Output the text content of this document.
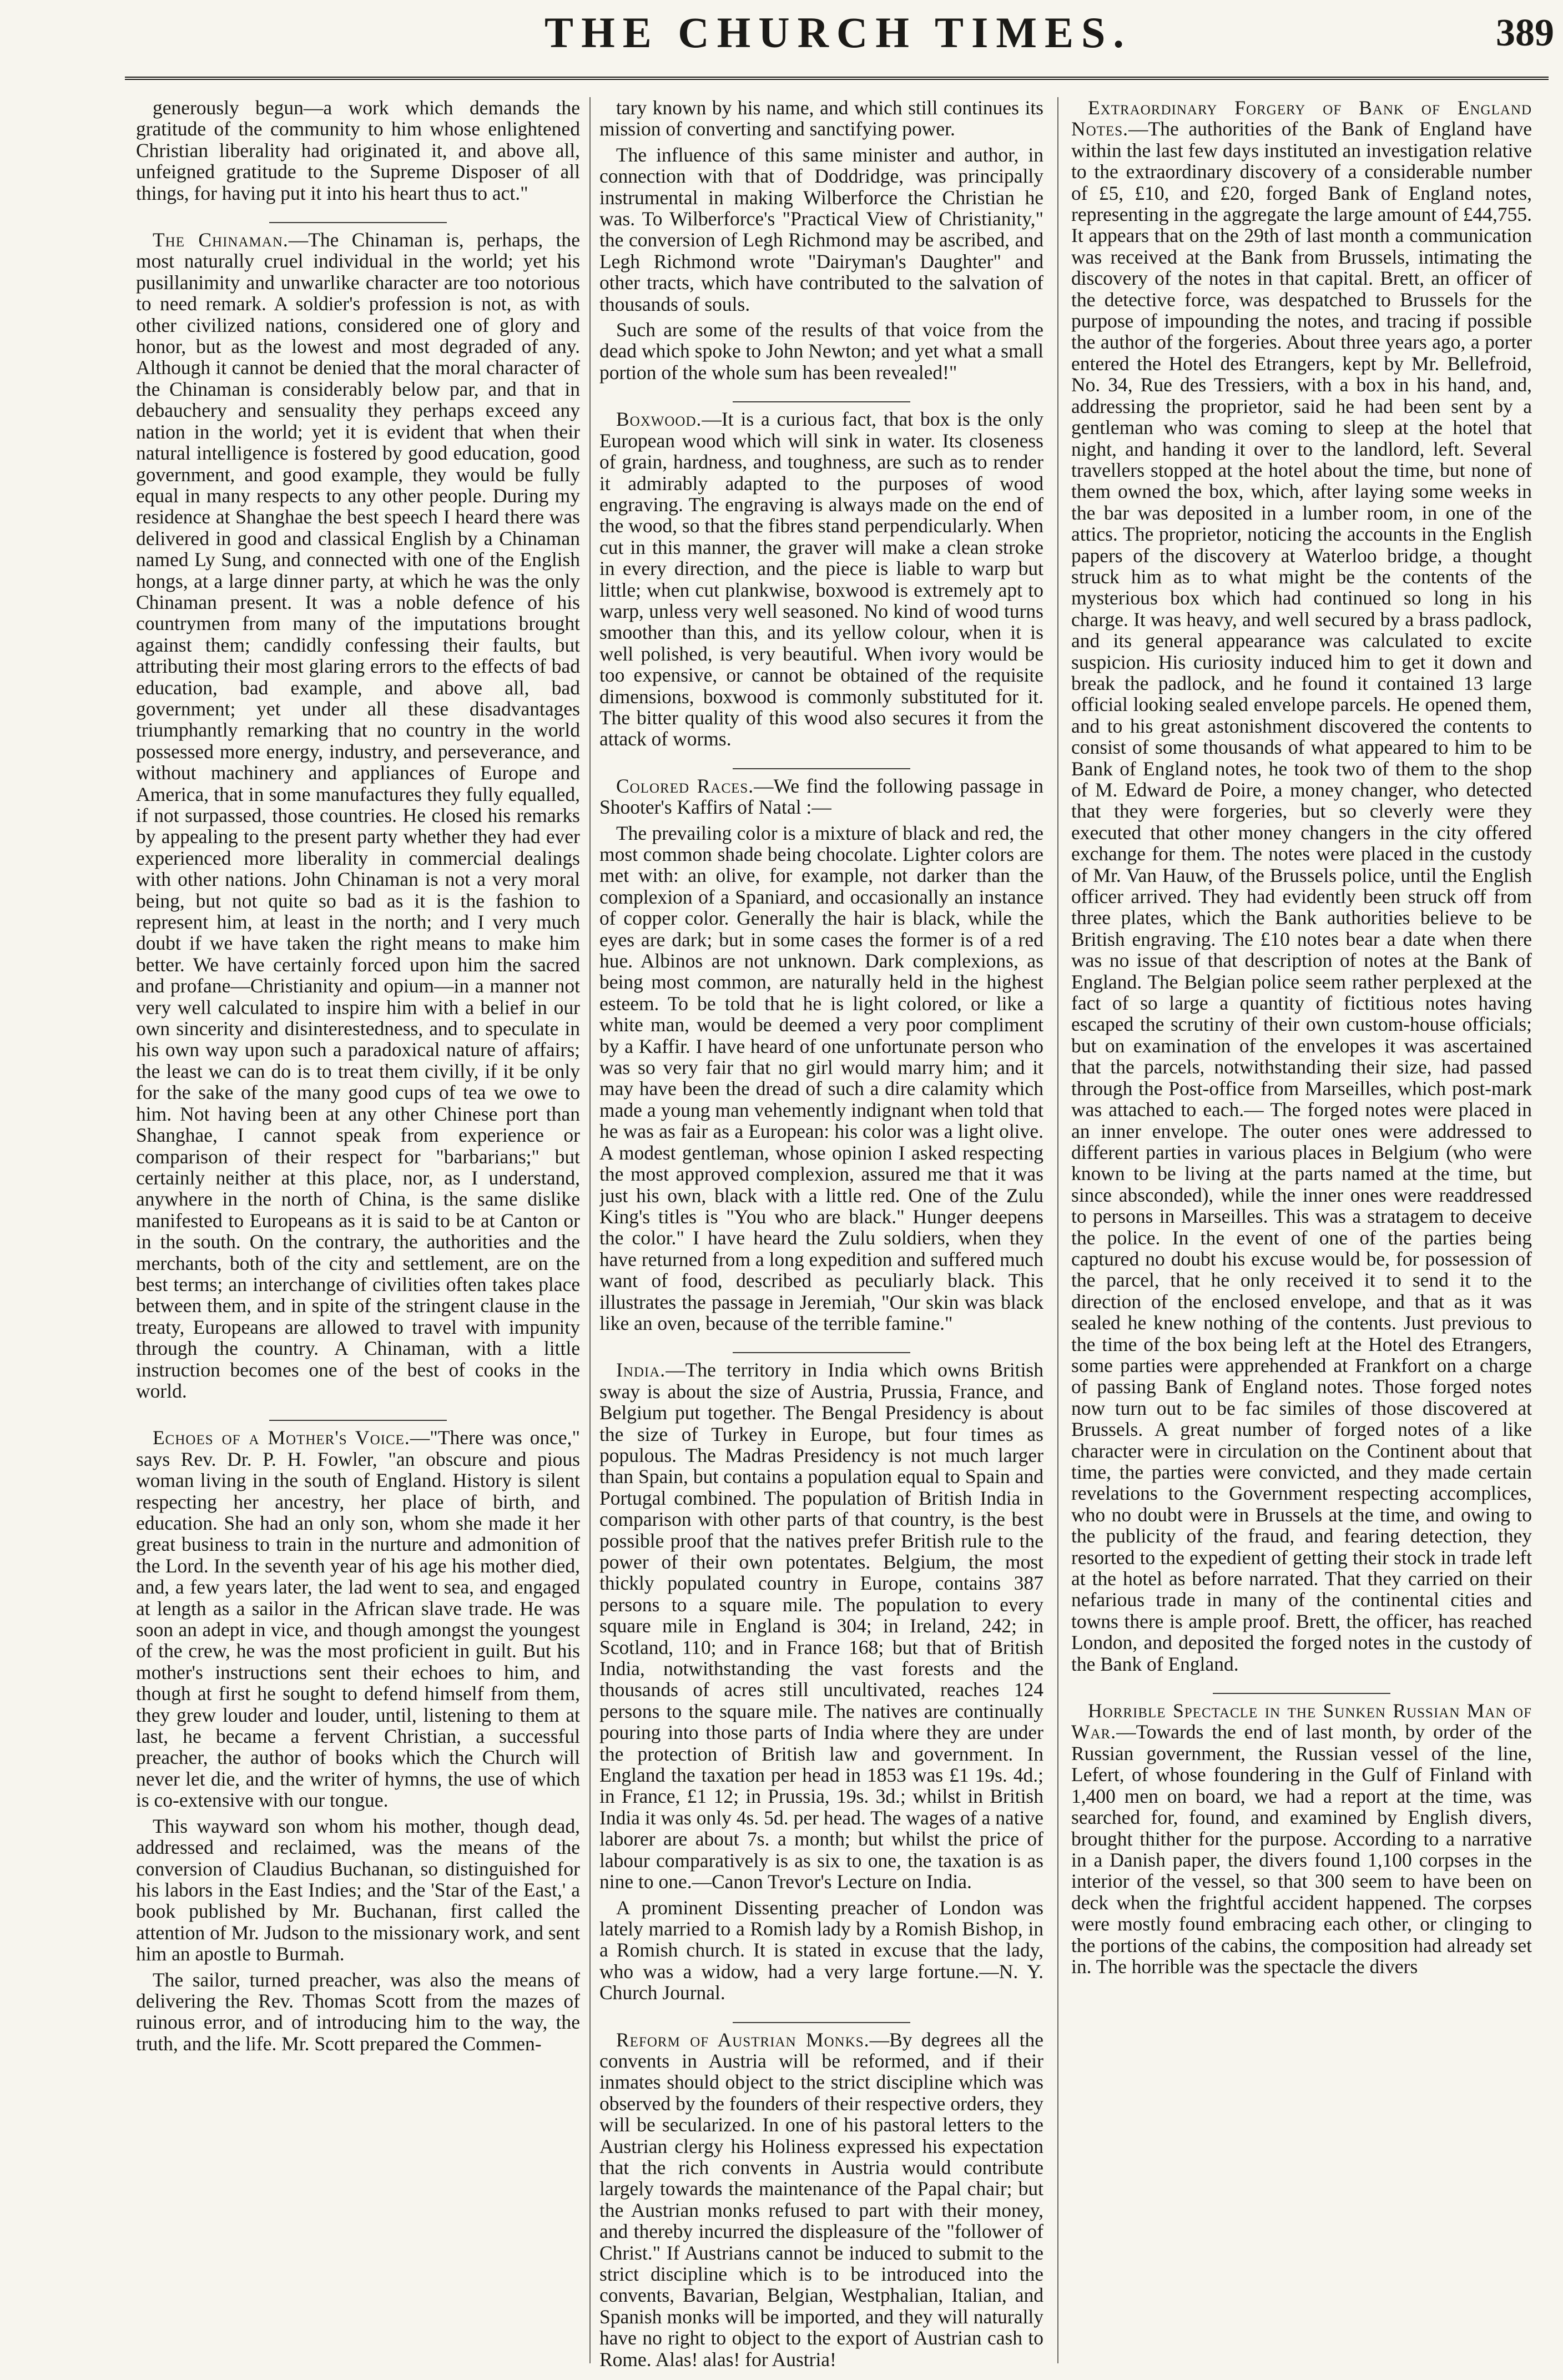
THE CHURCH TIMES.	389

generously begun—a work which demands the gratitude of the community to him whose enlightened Christian liberality had originated it, and above all, unfeigned gratitude to the Supreme Disposer of all things, for having put it into his heart thus to act."

The Chinaman.—The Chinaman is, perhaps, the most naturally cruel individual in the world; yet his pusillanimity and unwarlike character are too notorious to need remark. A soldier's profession is not, as with other civilized nations, considered one of glory and honor, but as the lowest and most degraded of any. Although it cannot be denied that the moral character of the Chinaman is considerably below par, and that in debauchery and sensuality they perhaps exceed any nation in the world; yet it is evident that when their natural intelligence is fostered by good education, good government, and good example, they would be fully equal in many respects to any other people. During my residence at Shanghae the best speech I heard there was delivered in good and classical English by a Chinaman named Ly Sung, and connected with one of the English hongs, at a large dinner party, at which he was the only Chinaman present. It was a noble defence of his countrymen from many of the imputations brought against them; candidly confessing their faults, but attributing their most glaring errors to the effects of bad education, bad example, and above all, bad government; yet under all these disadvantages triumphantly remarking that no country in the world possessed more energy, industry, and perseverance, and without machinery and appliances of Europe and America, that in some manufactures they fully equalled, if not surpassed, those countries. He closed his remarks by appealing to the present party whether they had ever experienced more liberality in commercial dealings with other nations. John Chinaman is not a very moral being, but not quite so bad as it is the fashion to represent him, at least in the north; and I very much doubt if we have taken the right means to make him better. We have certainly forced upon him the sacred and profane—Christianity and opium—in a manner not very well calculated to inspire him with a belief in our own sincerity and disinterestedness, and to speculate in his own way upon such a paradoxical nature of affairs; the least we can do is to treat them civilly, if it be only for the sake of the many good cups of tea we owe to him. Not having been at any other Chinese port than Shanghae, I cannot speak from experience or comparison of their respect for "barbarians;" but certainly neither at this place, nor, as I understand, anywhere in the north of China, is the same dislike manifested to Europeans as it is said to be at Canton or in the south. On the contrary, the authorities and the merchants, both of the city and settlement, are on the best terms; an interchange of civilities often takes place between them, and in spite of the stringent clause in the treaty, Europeans are allowed to travel with impunity through the country. A Chinaman, with a little instruction becomes one of the best of cooks in the world.

Echoes of a Mother's Voice.—"There was once," says Rev. Dr. P. H. Fowler, "an obscure and pious woman living in the south of England. History is silent respecting her ancestry, her place of birth, and education. She had an only son, whom she made it her great business to train in the nurture and admonition of the Lord. In the seventh year of his age his mother died, and, a few years later, the lad went to sea, and engaged at length as a sailor in the African slave trade. He was soon an adept in vice, and though amongst the youngest of the crew, he was the most proficient in guilt. But his mother's instructions sent their echoes to him, and though at first he sought to defend himself from them, they grew louder and louder, until, listening to them at last, he became a fervent Christian, a successful preacher, the author of books which the Church will never let die, and the writer of hymns, the use of which is co-extensive with our tongue.

This wayward son whom his mother, though dead, addressed and reclaimed, was the means of the conversion of Claudius Buchanan, so distinguished for his labors in the East Indies; and the 'Star of the East,' a book published by Mr. Buchanan, first called the attention of Mr. Judson to the missionary work, and sent him an apostle to Burmah.

The sailor, turned preacher, was also the means of delivering the Rev. Thomas Scott from the mazes of ruinous error, and of introducing him to the way, the truth, and the life. Mr. Scott prepared the Commen-

tary known by his name, and which still continues its mission of converting and sanctifying power.

The influence of this same minister and author, in connection with that of Doddridge, was principally instrumental in making Wilberforce the Christian he was. To Wilberforce's "Practical View of Christianity," the conversion of Legh Richmond may be ascribed, and Legh Richmond wrote "Dairyman's Daughter" and other tracts, which have contributed to the salvation of thousands of souls.

Such are some of the results of that voice from the dead which spoke to John Newton; and yet what a small portion of the whole sum has been revealed!"

Boxwood.—It is a curious fact, that box is the only European wood which will sink in water. Its closeness of grain, hardness, and toughness, are such as to render it admirably adapted to the purposes of wood engraving. The engraving is always made on the end of the wood, so that the fibres stand perpendicularly. When cut in this manner, the graver will make a clean stroke in every direction, and the piece is liable to warp but little; when cut plankwise, boxwood is extremely apt to warp, unless very well seasoned. No kind of wood turns smoother than this, and its yellow colour, when it is well polished, is very beautiful. When ivory would be too expensive, or cannot be obtained of the requisite dimensions, boxwood is commonly substituted for it. The bitter quality of this wood also secures it from the attack of worms.

Colored Races.—We find the following passage in Shooter's Kaffirs of Natal :—

The prevailing color is a mixture of black and red, the most common shade being chocolate. Lighter colors are met with: an olive, for example, not darker than the complexion of a Spaniard, and occasionally an instance of copper color. Generally the hair is black, while the eyes are dark; but in some cases the former is of a red hue. Albinos are not unknown. Dark complexions, as being most common, are naturally held in the highest esteem. To be told that he is light colored, or like a white man, would be deemed a very poor compliment by a Kaffir. I have heard of one unfortunate person who was so very fair that no girl would marry him; and it may have been the dread of such a dire calamity which made a young man vehemently indignant when told that he was as fair as a European: his color was a light olive. A modest gentleman, whose opinion I asked respecting the most approved complexion, assured me that it was just his own, black with a little red. One of the Zulu King's titles is "You who are black." Hunger deepens the color." I have heard the Zulu soldiers, when they have returned from a long expedition and suffered much want of food, described as peculiarly black. This illustrates the passage in Jeremiah, "Our skin was black like an oven, because of the terrible famine."

India.—The territory in India which owns British sway is about the size of Austria, Prussia, France, and Belgium put together. The Bengal Presidency is about the size of Turkey in Europe, but four times as populous. The Madras Presidency is not much larger than Spain, but contains a population equal to Spain and Portugal combined. The population of British India in comparison with other parts of that country, is the best possible proof that the natives prefer British rule to the power of their own potentates. Belgium, the most thickly populated country in Europe, contains 387 persons to a square mile. The population to every square mile in England is 304; in Ireland, 242; in Scotland, 110; and in France 168; but that of British India, notwithstanding the vast forests and the thousands of acres still uncultivated, reaches 124 persons to the square mile. The natives are continually pouring into those parts of India where they are under the protection of British law and government. In England the taxation per head in 1853 was £1 19s. 4d.; in France, £1 12; in Prussia, 19s. 3d.; whilst in British India it was only 4s. 5d. per head. The wages of a native laborer are about 7s. a month; but whilst the price of labour comparatively is as six to one, the taxation is as nine to one.—Canon Trevor's Lecture on India.

A prominent Dissenting preacher of London was lately married to a Romish lady by a Romish Bishop, in a Romish church. It is stated in excuse that the lady, who was a widow, had a very large fortune.—N. Y. Church Journal.

Reform of Austrian Monks.—By degrees all the convents in Austria will be reformed, and if their inmates should object to the strict discipline which was observed by the founders of their respective orders, they will be secularized. In one of his pastoral letters to the Austrian clergy his Holiness expressed his expectation that the rich convents in Austria would contribute largely towards the maintenance of the Papal chair; but the Austrian monks refused to part with their money, and thereby incurred the displeasure of the "follower of Christ." If Austrians cannot be induced to submit to the strict discipline which is to be introduced into the convents, Bavarian, Belgian, Westphalian, Italian, and Spanish monks will be imported, and they will naturally have no right to object to the export of Austrian cash to Rome. Alas! alas! for Austria!

Extraordinary Forgery of Bank of England Notes.—The authorities of the Bank of England have within the last few days instituted an investigation relative to the extraordinary discovery of a considerable number of £5, £10, and £20, forged Bank of England notes, representing in the aggregate the large amount of £44,755. It appears that on the 29th of last month a communication was received at the Bank from Brussels, intimating the discovery of the notes in that capital. Brett, an officer of the detective force, was despatched to Brussels for the purpose of impounding the notes, and tracing if possible the author of the forgeries. About three years ago, a porter entered the Hotel des Etrangers, kept by Mr. Bellefroid, No. 34, Rue des Tressiers, with a box in his hand, and, addressing the proprietor, said he had been sent by a gentleman who was coming to sleep at the hotel that night, and handing it over to the landlord, left. Several travellers stopped at the hotel about the time, but none of them owned the box, which, after laying some weeks in the bar was deposited in a lumber room, in one of the attics. The proprietor, noticing the accounts in the English papers of the discovery at Waterloo bridge, a thought struck him as to what might be the contents of the mysterious box which had continued so long in his charge. It was heavy, and well secured by a brass padlock, and its general appearance was calculated to excite suspicion. His curiosity induced him to get it down and break the padlock, and he found it contained 13 large official looking sealed envelope parcels. He opened them, and to his great astonishment discovered the contents to consist of some thousands of what appeared to him to be Bank of England notes, he took two of them to the shop of M. Edward de Poire, a money changer, who detected that they were forgeries, but so cleverly were they executed that other money changers in the city offered exchange for them. The notes were placed in the custody of Mr. Van Hauw, of the Brussels police, until the English officer arrived. They had evidently been struck off from three plates, which the Bank authorities believe to be British engraving. The £10 notes bear a date when there was no issue of that description of notes at the Bank of England. The Belgian police seem rather perplexed at the fact of so large a quantity of fictitious notes having escaped the scrutiny of their own custom-house officials; but on examination of the envelopes it was ascertained that the parcels, notwithstanding their size, had passed through the Post-office from Marseilles, which post-mark was attached to each.— The forged notes were placed in an inner envelope. The outer ones were addressed to different parties in various places in Belgium (who were known to be living at the parts named at the time, but since absconded), while the inner ones were readdressed to persons in Marseilles. This was a stratagem to deceive the police. In the event of one of the parties being captured no doubt his excuse would be, for possession of the parcel, that he only received it to send it to the direction of the enclosed envelope, and that as it was sealed he knew nothing of the contents. Just previous to the time of the box being left at the Hotel des Etrangers, some parties were apprehended at Frankfort on a charge of passing Bank of England notes. Those forged notes now turn out to be fac similes of those discovered at Brussels. A great number of forged notes of a like character were in circulation on the Continent about that time, the parties were convicted, and they made certain revelations to the Government respecting accomplices, who no doubt were in Brussels at the time, and owing to the publicity of the fraud, and fearing detection, they resorted to the expedient of getting their stock in trade left at the hotel as before narrated. That they carried on their nefarious trade in many of the continental cities and towns there is ample proof. Brett, the officer, has reached London, and deposited the forged notes in the custody of the Bank of England.

Horrible Spectacle in the Sunken Russian Man of War.—Towards the end of last month, by order of the Russian government, the Russian vessel of the line, Lefert, of whose foundering in the Gulf of Finland with 1,400 men on board, we had a report at the time, was searched for, found, and examined by English divers, brought thither for the purpose. According to a narrative in a Danish paper, the divers found 1,100 corpses in the interior of the vessel, so that 300 seem to have been on deck when the frightful accident happened. The corpses were mostly found embracing each other, or clinging to the portions of the cabins, the composition had already set in. The horrible was the spectacle the divers
